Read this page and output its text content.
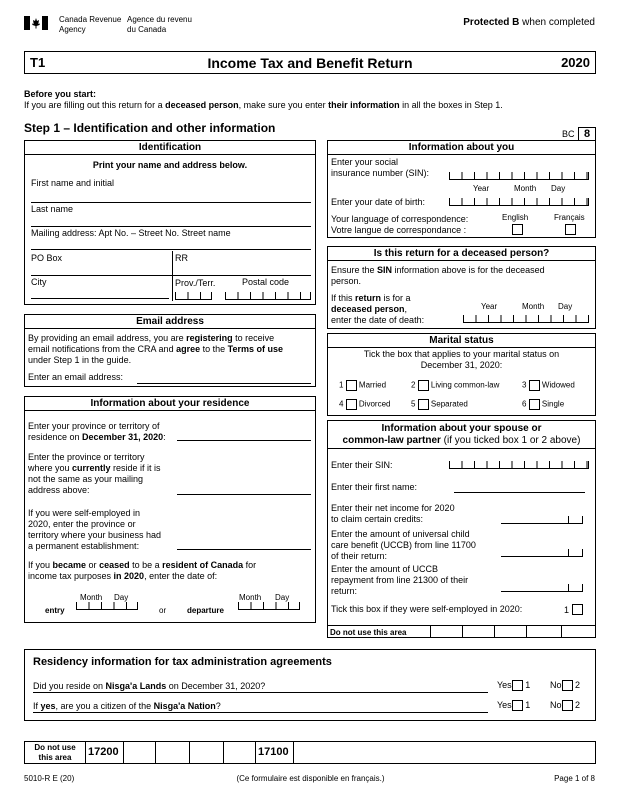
Canada Revenue
Agency
Agence du revenu
du Canada
Protected B when completed
T1	Income Tax and Benefit Return	2020
Before you start:
If you are filling out this return for a deceased person, make sure you enter their information in all the boxes in Step 1.
Step 1 – Identification and other information	BC 8
Identification
Print your name and address below.
First name and initial
Last name
Mailing address: Apt No. – Street No. Street name
PO Box	RR
City	Prov./Terr.	Postal code
Email address
By providing an email address, you are registering to receive
email notifications from the CRA and agree to the Terms of use
under Step 1 in the guide.
Enter an email address:
Information about your residence
Enter your province or territory of
residence on December 31, 2020:
Enter the province or territory
where you currently reside if it is
not the same as your mailing
address above:
If you were self-employed in
2020, enter the province or
territory where your business had
a permanent establishment:
If you became or ceased to be a resident of Canada for
income tax purposes in 2020, enter the date of:
Month Day
entry	or	departure
Month Day
Information about you
Enter your social
insurance number (SIN):
Year	Month Day
Enter your date of birth:
Your language of correspondence:
Votre langue de correspondance :
English	Français
Is this return for a deceased person?
Ensure the SIN information above is for the deceased
person.
If this return is for a
deceased person,
enter the date of death:
Year	Month Day
Marital status
Tick the box that applies to your marital status on
December 31, 2020:
1 Married	2 Living common-law	3 Widowed
4 Divorced	5 Separated	6 Single
Information about your spouse or
common-law partner (if you ticked box 1 or 2 above)
Enter their SIN:
Enter their first name:
Enter their net income for 2020
to claim certain credits:
Enter the amount of universal child
care benefit (UCCB) from line 11700
of their return:
Enter the amount of UCCB
repayment from line 21300 of their
return:
Tick this box if they were self-employed in 2020:	1
Do not use this area
Residency information for tax administration agreements
Did you reside on Nisga'a Lands on December 31, 2020?	Yes 1 No 2
If yes, are you a citizen of the Nisga'a Nation?	Yes 1 No 2
Do not use
this area	17200	17100
5010-R E (20)	(Ce formulaire est disponible en français.)	Page 1 of 8
